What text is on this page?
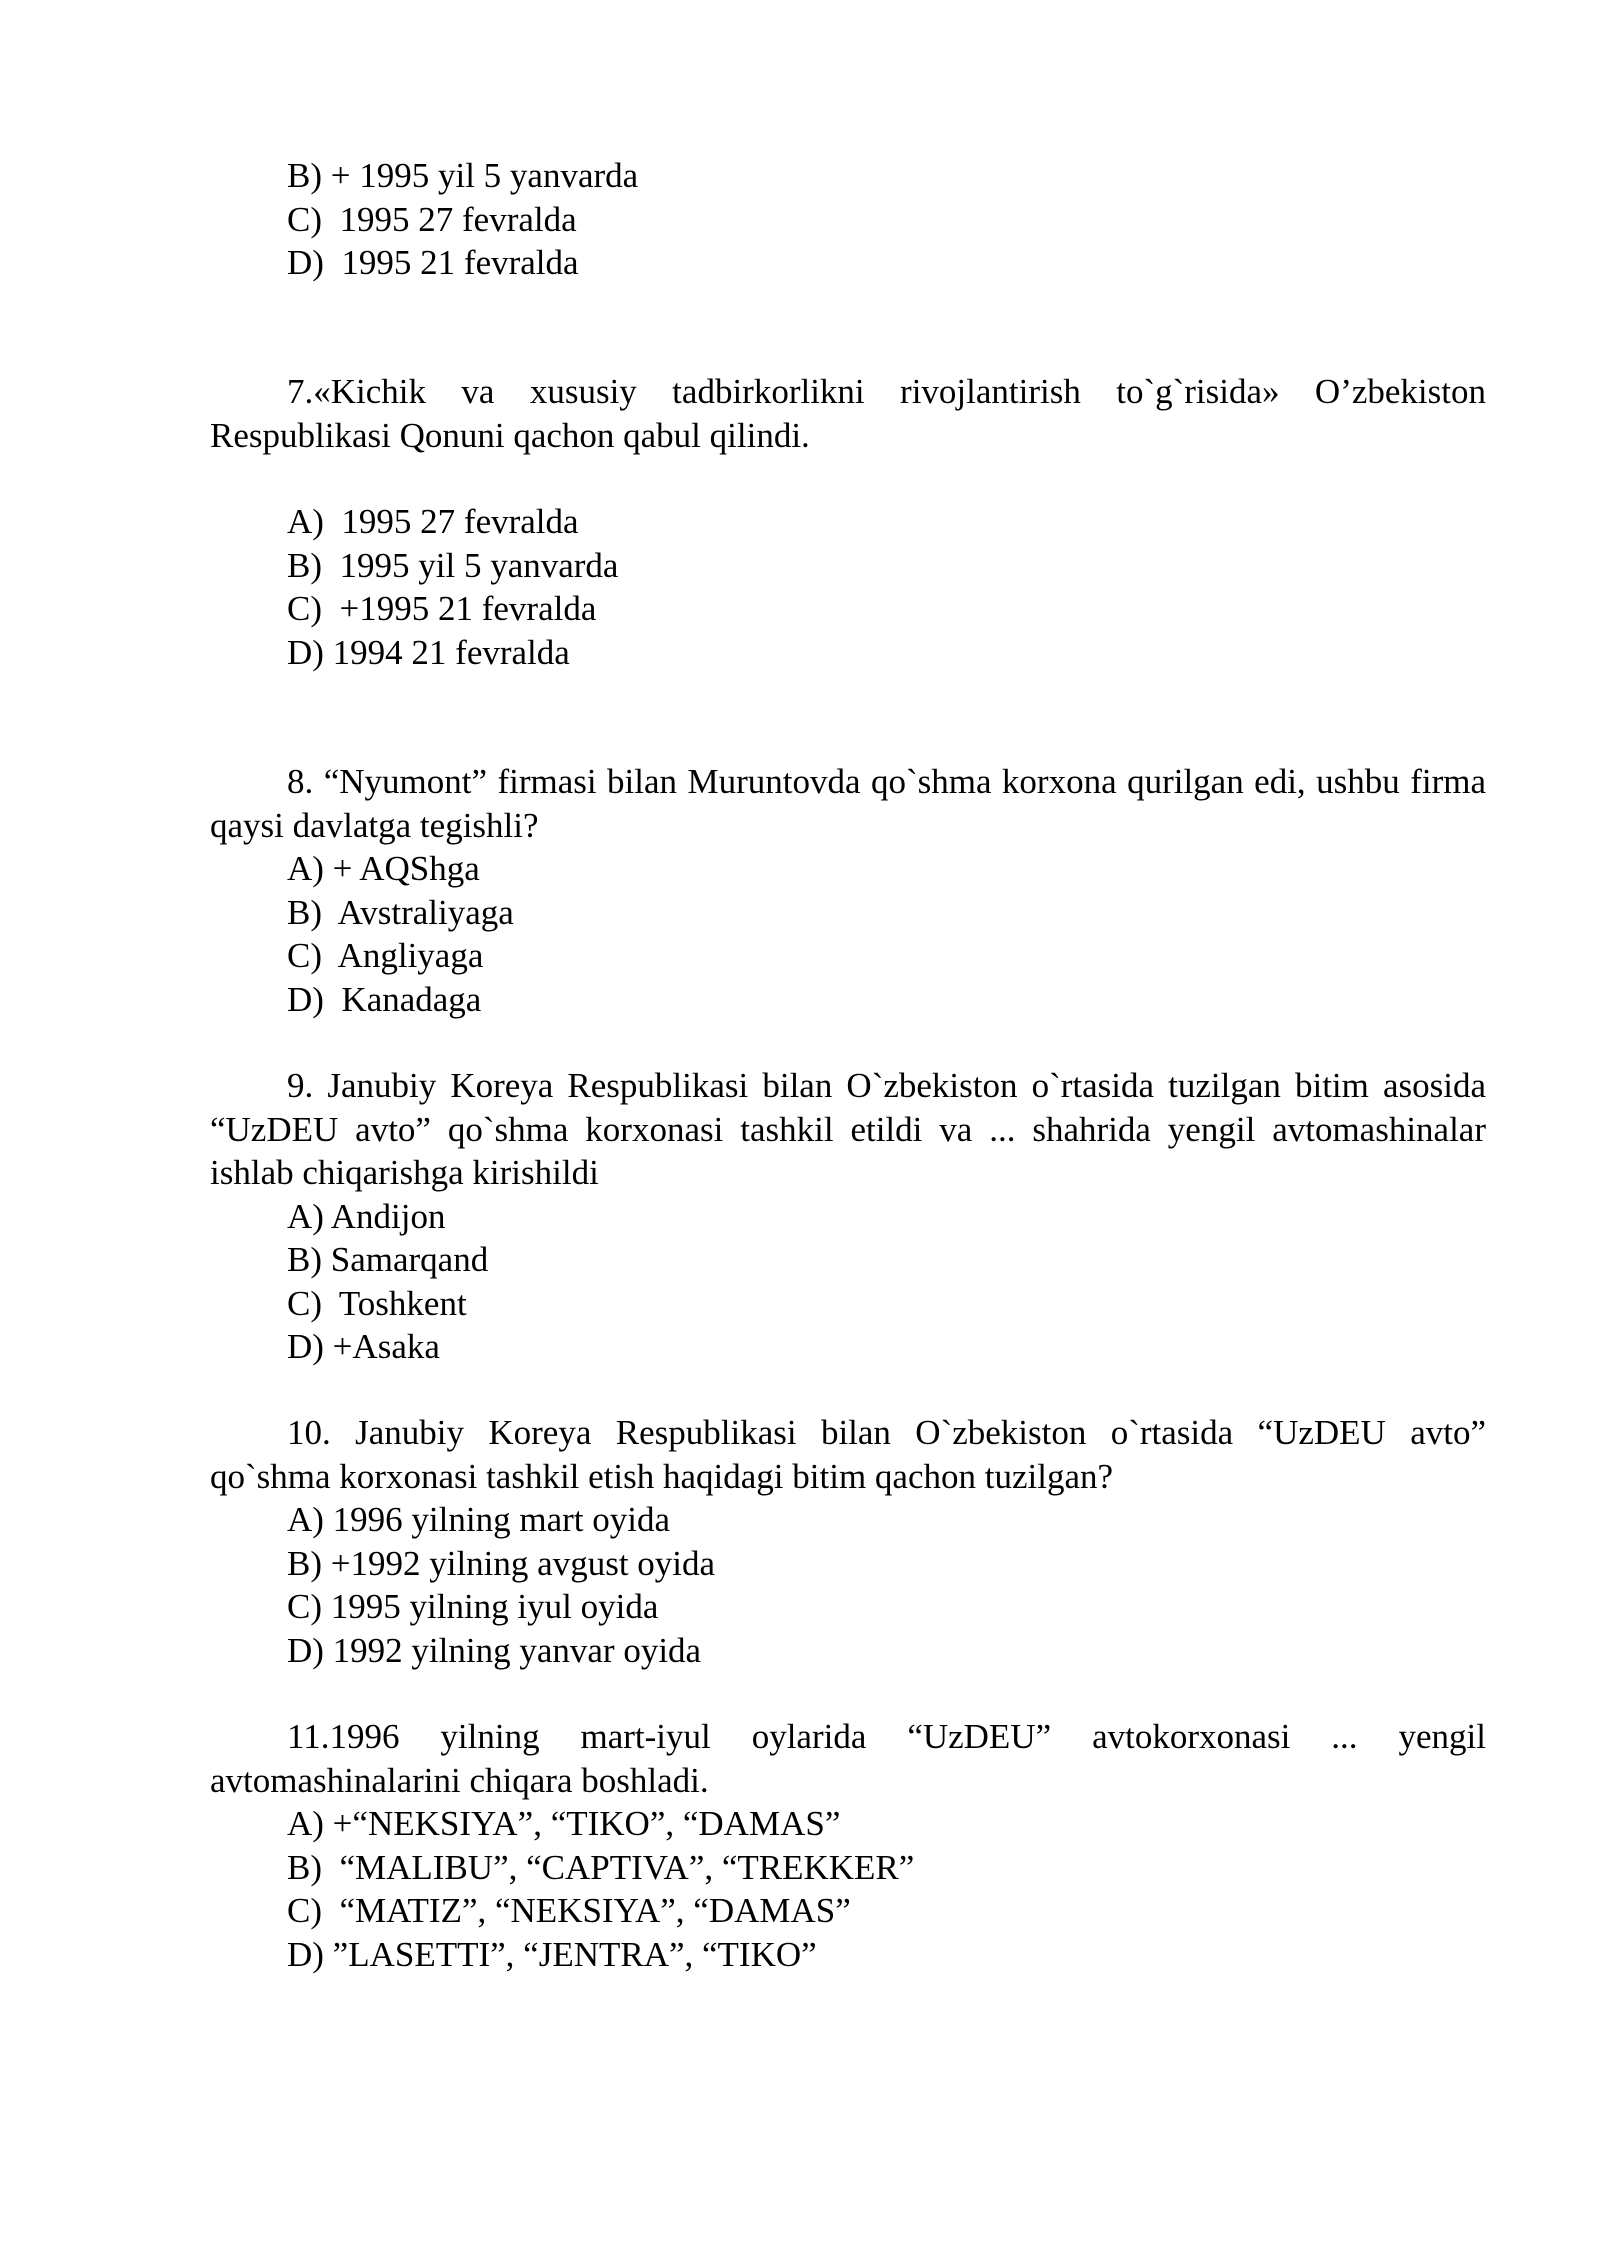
B) + 1995 yil 5 yanvarda
C)  1995 27 fevralda
D)  1995 21 fevralda
7.«Kichik va xususiy tadbirkorlikni rivojlantirish to`g`risida» O’zbekiston Respublikasi Qonuni qachon qabul qilindi.
A)  1995 27 fevralda
B)  1995 yil 5 yanvarda
C)  +1995 21 fevralda
D) 1994 21 fevralda
8. “Nyumont” firmasi bilan Muruntovda qo`shma korxona qurilgan edi, ushbu firma qaysi davlatga tegishli?
A) + AQShga
B)  Avstraliyaga
C)  Angliyaga
D)  Kanadaga
9. Janubiy Koreya Respublikasi bilan O`zbekiston o`rtasida tuzilgan bitim asosida “UzDEU avto” qo`shma korxonasi tashkil etildi va ... shahrida yengil avtomashinalar ishlab chiqarishga kirishildi
A) Andijon
B) Samarqand
C)  Toshkent
D) +Asaka
10. Janubiy Koreya Respublikasi bilan O`zbekiston o`rtasida “UzDEU avto” qo`shma korxonasi tashkil etish haqidagi bitim qachon tuzilgan?
A) 1996 yilning mart oyida
B) +1992 yilning avgust oyida
C) 1995 yilning iyul oyida
D) 1992 yilning yanvar oyida
11.1996 yilning mart-iyul oylarida “UzDEU” avtokorxonasi ... yengil avtomashinalarini chiqara boshladi.
A) +“NEKSIYA”, “TIKO”, “DAMAS”
B)  “MALIBU”, “CAPTIVA”, “TREKKER”
C)  “MATIZ”, “NEKSIYA”, “DAMAS”
D) ”LASETTI”, “JENTRA”, “TIKO”
